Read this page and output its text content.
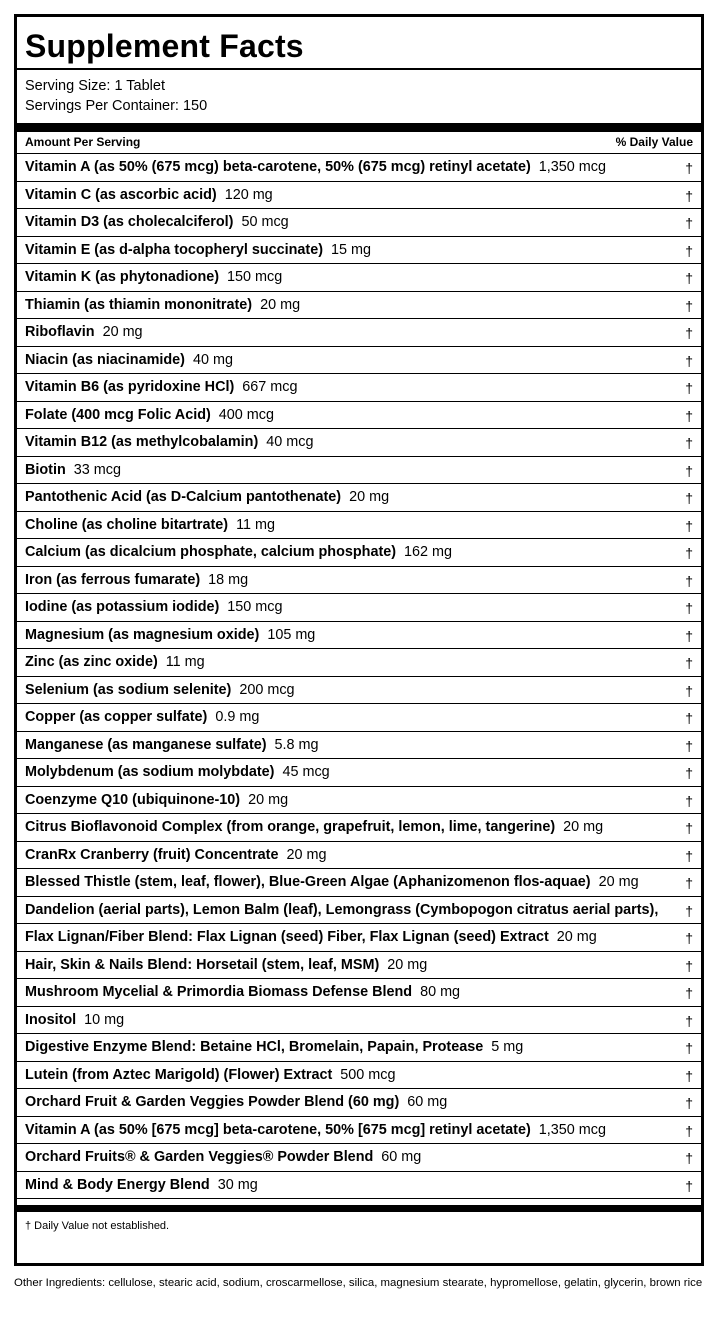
Supplement Facts
Serving Size: 1 Tablet
Servings Per Container: 150
Amount Per Serving	% Daily Value
Vitamin A (as 50% (675 mcg) beta-carotene, 50% (675 mcg) retinyl acetate) 1,350 mcg	†
Vitamin C (as ascorbic acid) 120 mg	†
Vitamin D3 (as cholecalciferol) 50 mcg	†
Vitamin E (as d-alpha tocopheryl succinate) 15 mg	†
Vitamin K (as phytonadione) 150 mcg	†
Thiamin (as thiamin mononitrate) 20 mg	†
Riboflavin 20 mg	†
Niacin (as niacinamide) 40 mg	†
Vitamin B6 (as pyridoxine HCl) 667 mcg	†
Folate (400 mcg Folic Acid) 400 mcg	†
Vitamin B12 (as methylcobalamin) 40 mcg	†
Biotin 33 mcg	†
Pantothenic Acid (as D-Calcium pantothenate) 20 mg	†
Choline (as choline bitartrate) 11 mg	†
Calcium (as dicalcium phosphate, calcium phosphate) 162 mg	†
Iron (as ferrous fumarate) 18 mg	†
Iodine (as potassium iodide) 150 mcg	†
Magnesium (as magnesium oxide) 105 mg	†
Zinc (as zinc oxide) 11 mg	†
Selenium (as sodium selenite) 200 mcg	†
Copper (as copper sulfate) 0.9 mg	†
Manganese (as manganese sulfate) 5.8 mg	†
Molybdenum (as sodium molybdate) 45 mcg	†
Coenzyme Q10 (ubiquinone-10) 20 mg	†
Citrus Bioflavonoid Complex (from orange, grapefruit, lemon, lime, tangerine) 20 mg	†
CranRx Cranberry (fruit) Concentrate 20 mg	†
Blessed Thistle (stem, leaf, flower), Blue-Green Algae (Aphanizomenon flos-aquae) 20 mg	†
Dandelion (aerial parts), Lemon Balm (leaf), Lemongrass (Cymbopogon citratus aerial parts),	†
Flax Lignan/Fiber Blend: Flax Lignan (seed) Fiber, Flax Lignan (seed) Extract 20 mg	†
Hair, Skin & Nails Blend: Horsetail (stem, leaf, MSM) 20 mg	†
Mushroom Mycelial & Primordia Biomass Defense Blend 80 mg	†
Inositol 10 mg	†
Digestive Enzyme Blend: Betaine HCl, Bromelain, Papain, Protease 5 mg	†
Lutein (from Aztec Marigold) (Flower) Extract 500 mcg	†
Orchard Fruit & Garden Veggies Powder Blend (60 mg) 60 mg	†
Vitamin A (as 50% [675 mcg] beta-carotene, 50% [675 mcg] retinyl acetate) 1,350 mcg	†
Orchard Fruits® & Garden Veggies® Powder Blend 60 mg	†
Mind & Body Energy Blend 30 mg	†
† Daily Value not established.
Other Ingredients: cellulose, stearic acid, sodium, croscarmellose, silica, magnesium stearate, hypromellose, gelatin, glycerin, brown rice
